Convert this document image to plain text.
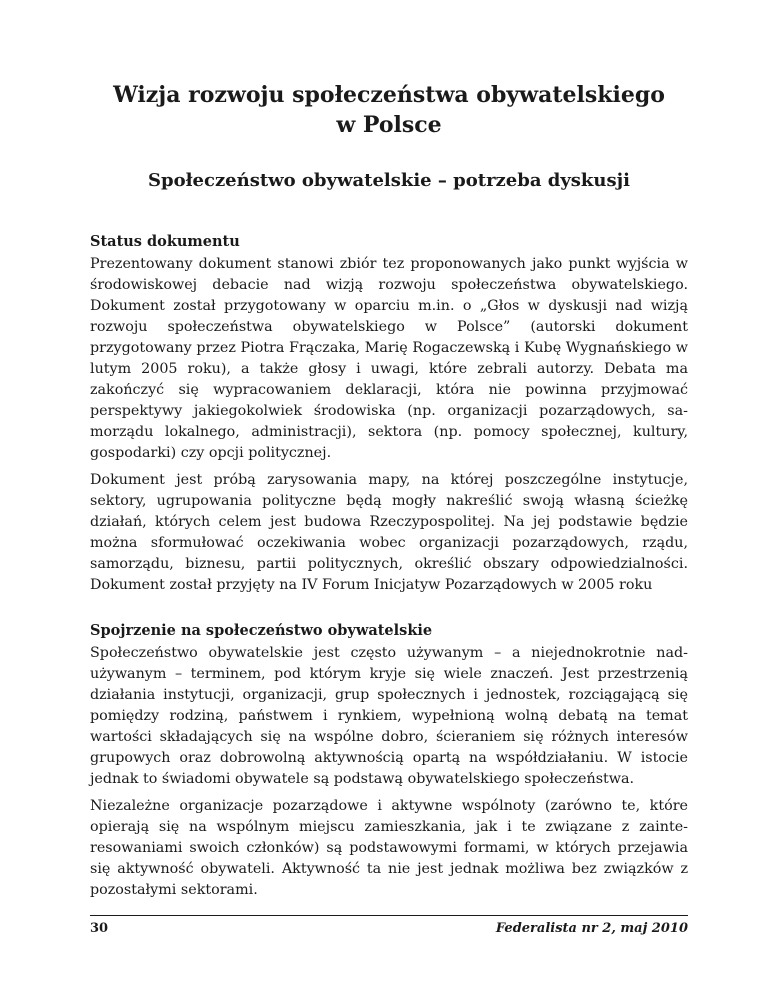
Wizja rozwoju społeczeństwa obywatelskiego
w Polsce
Społeczeństwo obywatelskie – potrzeba dyskusji
Status dokumentu

Prezentowany dokument stanowi zbiór tez proponowanych jako punkt wyjścia w środowiskowej debacie nad wizją rozwoju społeczeństwa obywatelskiego. Dokument został przygotowany w oparciu m.in. o „Głos w dyskusji nad wizją rozwoju społeczeństwa obywatelskiego w Polsce” (autorski dokument przygotowany przez Piotra Frączaka, Marię Rogaczewską i Kubę Wygnańskiego w lutym 2005 roku), a także głosy i uwagi, które zebrali autorzy. Debata ma zakończyć się wypracowaniem deklaracji, która nie powinna przyjmować perspektywy jakiegokolwiek środowiska (np. organizacji pozarządowych, samorządu lokalnego, administracji), sektora (np. pomocy społecznej, kultury, gospodarki) czy opcji politycznej.

Dokument jest próbą zarysowania mapy, na której poszczególne instytucje, sektory, ugrupowania polityczne będą mogły nakreślić swoją własną ścieżkę działań, których celem jest budowa Rzeczypospolitej. Na jej podstawie będzie można sformułować oczekiwania wobec organizacji pozarządowych, rządu, samorządu, biznesu, partii politycznych, określić obszary odpowiedzialności. Dokument został przyjęty na IV Forum Inicjatyw Pozarządowych w 2005 roku

Spojrzenie na społeczeństwo obywatelskie

Społeczeństwo obywatelskie jest często używanym – a niejednokrotnie nadużywanym – terminem, pod którym kryje się wiele znaczeń. Jest przestrzenią działania instytucji, organizacji, grup społecznych i jednostek, rozciągającą się pomiędzy rodziną, państwem i rynkiem, wypełnioną wolną debatą na temat wartości składających się na wspólne dobro, ścieraniem się różnych interesów grupowych oraz dobrowolną aktywnością opartą na współdziałaniu. W istocie jednak to świadomi obywatele są podstawą obywatelskiego społeczeństwa.

Niezależne organizacje pozarządowe i aktywne wspólnoty (zarówno te, które opierają się na wspólnym miejscu zamieszkania, jak i te związane z zainteresowaniami swoich członków) są podstawowymi formami, w których przejawia się aktywność obywateli. Aktywność ta nie jest jednak możliwa bez związków z pozostałymi sektorami.

30	Federalista nr 2, maj 2010
